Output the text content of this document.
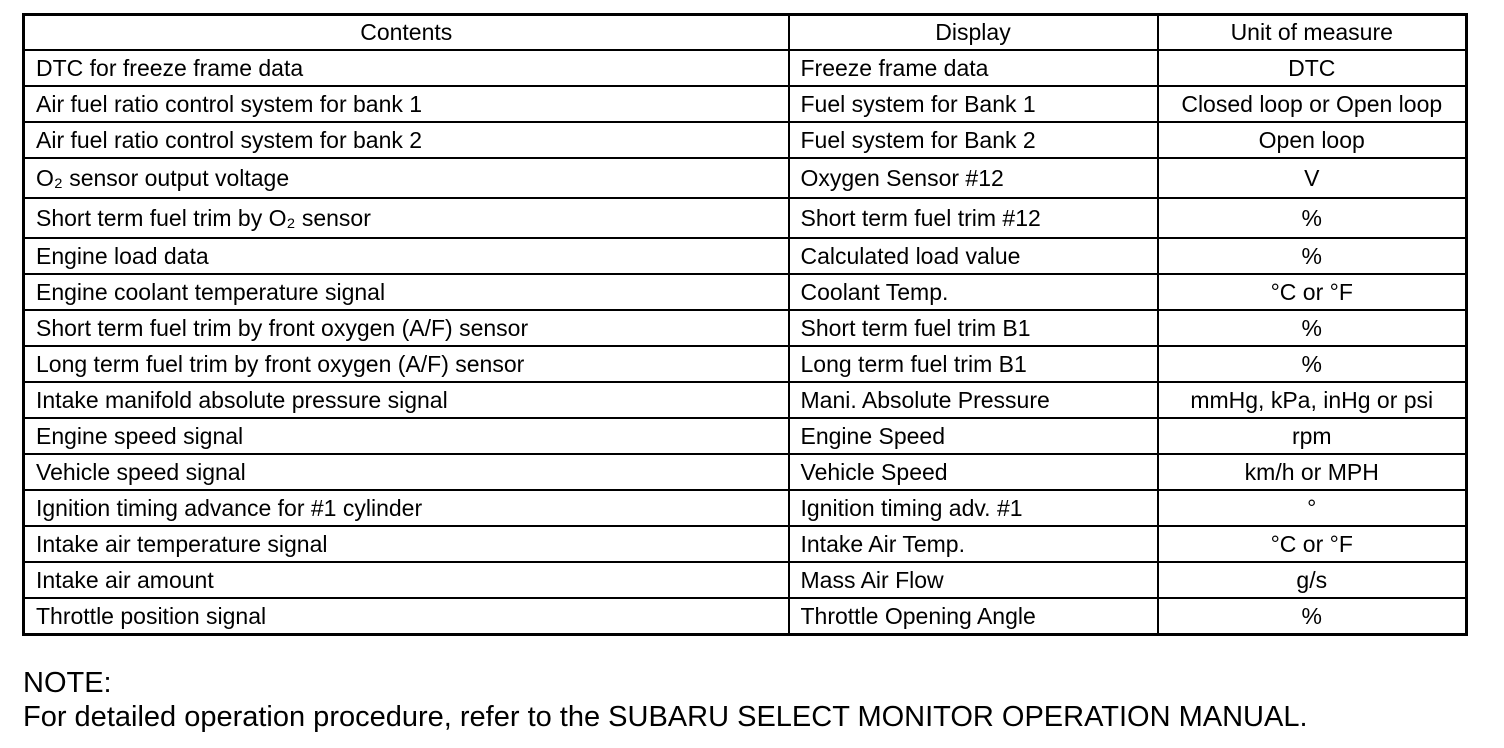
Contents	Display	Unit of measure
DTC for freeze frame data	Freeze frame data	DTC
Air fuel ratio control system for bank 1	Fuel system for Bank 1	Closed loop or Open loop
Air fuel ratio control system for bank 2	Fuel system for Bank 2	Open loop
O₂ sensor output voltage	Oxygen Sensor #12	V
Short term fuel trim by O₂ sensor	Short term fuel trim #12	%
Engine load data	Calculated load value	%
Engine coolant temperature signal	Coolant Temp.	°C or °F
Short term fuel trim by front oxygen (A/F) sensor	Short term fuel trim B1	%
Long term fuel trim by front oxygen (A/F) sensor	Long term fuel trim B1	%
Intake manifold absolute pressure signal	Mani. Absolute Pressure	mmHg, kPa, inHg or psi
Engine speed signal	Engine Speed	rpm
Vehicle speed signal	Vehicle Speed	km/h or MPH
Ignition timing advance for #1 cylinder	Ignition timing adv. #1	°
Intake air temperature signal	Intake Air Temp.	°C or °F
Intake air amount	Mass Air Flow	g/s
Throttle position signal	Throttle Opening Angle	%
NOTE:
For detailed operation procedure, refer to the SUBARU SELECT MONITOR OPERATION MANUAL.
